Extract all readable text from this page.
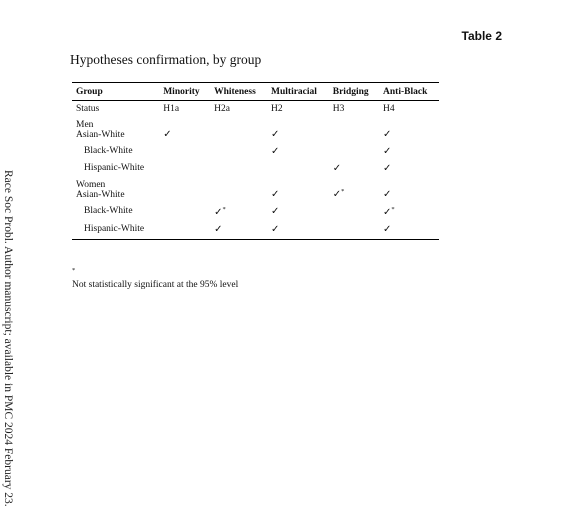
Race Soc Probl. Author manuscript; available in PMC 2024 February 23.
Table 2
Hypotheses confirmation, by group
Group	Minority	Whiteness	Multiracial	Bridging	Anti-Black
Status	H1a	H2a	H2	H3	H4
Men
Asian-White	✓		✓		✓
Black-White			✓		✓
Hispanic-White				✓	✓
Women
Asian-White			✓	✓*	✓
Black-White		✓*	✓		✓*
Hispanic-White		✓	✓		✓
*
Not statistically significant at the 95% level
